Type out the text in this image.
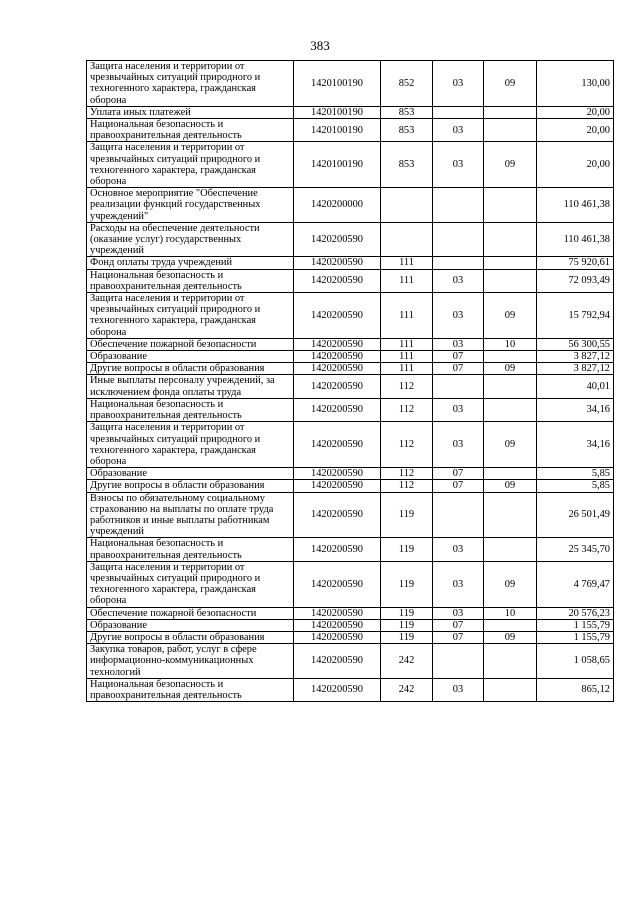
383
Защита населения и территории от чрезвычайных ситуаций природного и техногенного характера, гражданская оборона	1420100190	852	03	09	130,00
Уплата иных платежей	1420100190	853			20,00
Национальная безопасность и правоохранительная деятельность	1420100190	853	03		20,00
Защита населения и территории от чрезвычайных ситуаций природного и техногенного характера, гражданская оборона	1420100190	853	03	09	20,00
Основное мероприятие "Обеспечение реализации функций государственных учреждений"	1420200000				110 461,38
Расходы на обеспечение деятельности (оказание услуг) государственных учреждений	1420200590				110 461,38
Фонд оплаты труда учреждений	1420200590	111			75 920,61
Национальная безопасность и правоохранительная деятельность	1420200590	111	03		72 093,49
Защита населения и территории от чрезвычайных ситуаций природного и техногенного характера, гражданская оборона	1420200590	111	03	09	15 792,94
Обеспечение пожарной безопасности	1420200590	111	03	10	56 300,55
Образование	1420200590	111	07		3 827,12
Другие вопросы в области образования	1420200590	111	07	09	3 827,12
Иные выплаты персоналу учреждений, за исключением фонда оплаты труда	1420200590	112			40,01
Национальная безопасность и правоохранительная деятельность	1420200590	112	03		34,16
Защита населения и территории от чрезвычайных ситуаций природного и техногенного характера, гражданская оборона	1420200590	112	03	09	34,16
Образование	1420200590	112	07		5,85
Другие вопросы в области образования	1420200590	112	07	09	5,85
Взносы по обязательному социальному страхованию на выплаты по оплате труда работников и иные выплаты работникам учреждений	1420200590	119			26 501,49
Национальная безопасность и правоохранительная деятельность	1420200590	119	03		25 345,70
Защита населения и территории от чрезвычайных ситуаций природного и техногенного характера, гражданская оборона	1420200590	119	03	09	4 769,47
Обеспечение пожарной безопасности	1420200590	119	03	10	20 576,23
Образование	1420200590	119	07		1 155,79
Другие вопросы в области образования	1420200590	119	07	09	1 155,79
Закупка товаров, работ, услуг в сфере информационно-коммуникационных технологий	1420200590	242			1 058,65
Национальная безопасность и правоохранительная деятельность	1420200590	242	03		865,12
